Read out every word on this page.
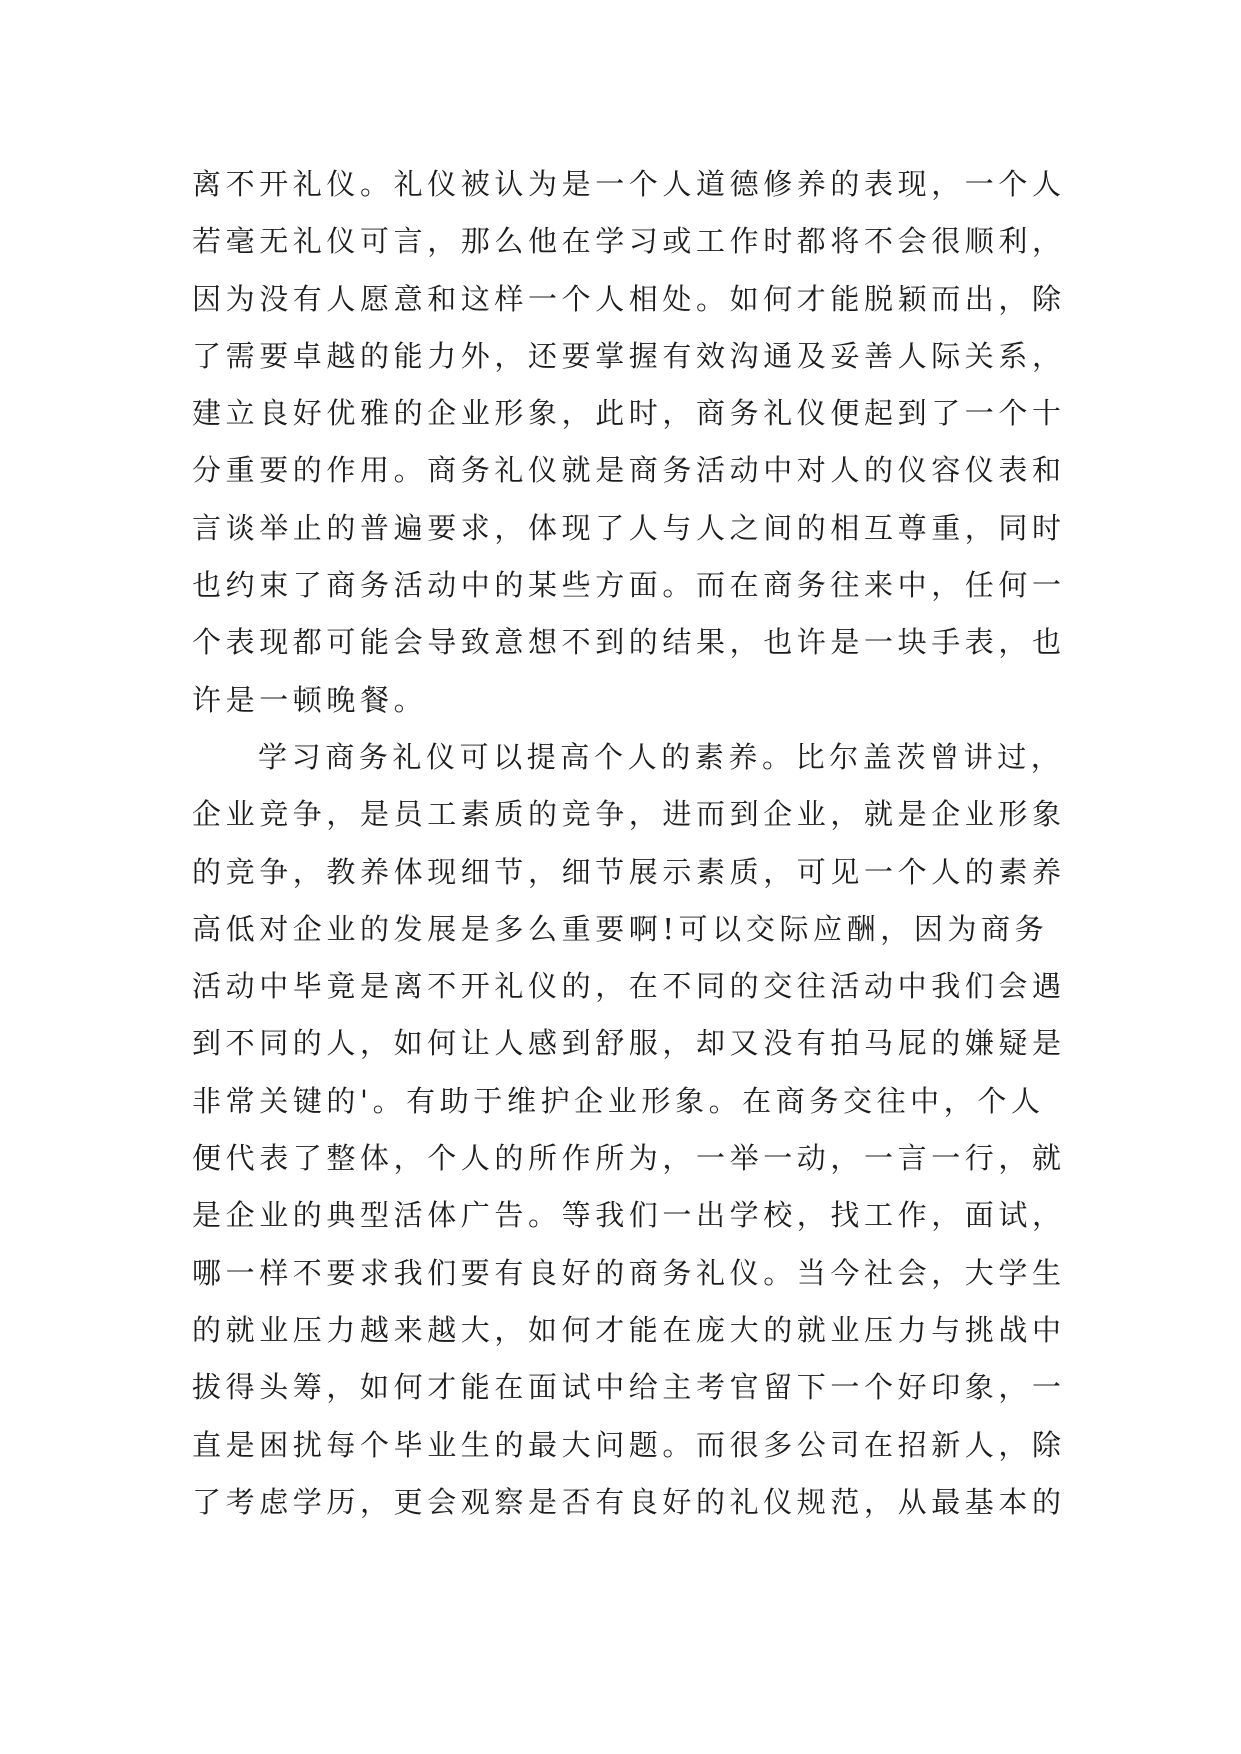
离不开礼仪。礼仪被认为是一个人道德修养的表现，一个人
若毫无礼仪可言，那么他在学习或工作时都将不会很顺利，
因为没有人愿意和这样一个人相处。如何才能脱颖而出，除
了需要卓越的能力外，还要掌握有效沟通及妥善人际关系，
建立良好优雅的企业形象，此时，商务礼仪便起到了一个十
分重要的作用。商务礼仪就是商务活动中对人的仪容仪表和
言谈举止的普遍要求，体现了人与人之间的相互尊重，同时
也约束了商务活动中的某些方面。而在商务往来中，任何一
个表现都可能会导致意想不到的结果，也许是一块手表，也
许是一顿晚餐。
学习商务礼仪可以提高个人的素养。比尔盖茨曾讲过，
企业竞争，是员工素质的竞争，进而到企业，就是企业形象
的竞争，教养体现细节，细节展示素质，可见一个人的素养
高低对企业的发展是多么重要啊!可以交际应酬，因为商务
活动中毕竟是离不开礼仪的，在不同的交往活动中我们会遇
到不同的人，如何让人感到舒服，却又没有拍马屁的嫌疑是
非常关键的'。有助于维护企业形象。在商务交往中，个人
便代表了整体，个人的所作所为，一举一动，一言一行，就
是企业的典型活体广告。等我们一出学校，找工作，面试，
哪一样不要求我们要有良好的商务礼仪。当今社会，大学生
的就业压力越来越大，如何才能在庞大的就业压力与挑战中
拔得头筹，如何才能在面试中给主考官留下一个好印象，一
直是困扰每个毕业生的最大问题。而很多公司在招新人，除
了考虑学历，更会观察是否有良好的礼仪规范，从最基本的
